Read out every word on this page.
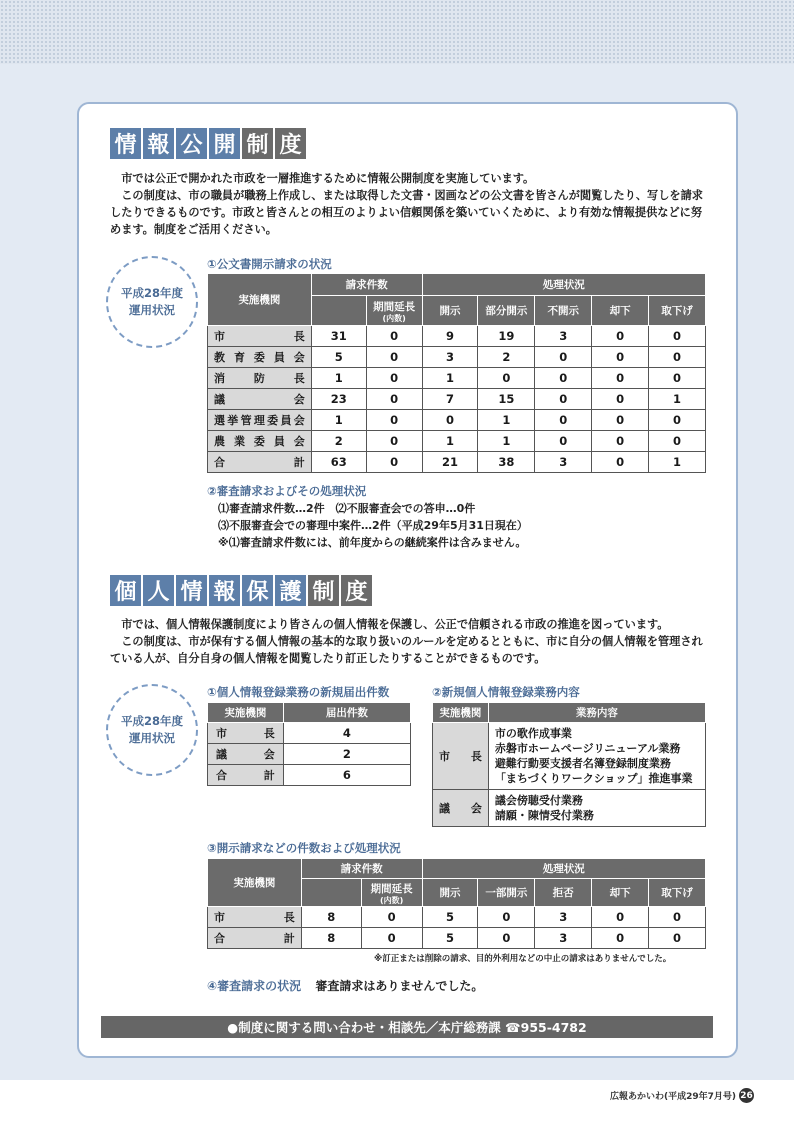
情 報 公 開 制 度

市では公正で開かれた市政を一層推進するために情報公開制度を実施しています。

この制度は、市の職員が職務上作成し、または取得した文書・図画などの公文書を皆さんが閲覧したり、写しを請求したりできるものです。市政と皆さんとの相互のよりよい信頼関係を築いていくために、より有効な情報提供などに努めます。制度をご活用ください。

平成28年度
運用状況
①公文書開示請求の状況
実施機関	請求件数		処理状況				
		期間延長
(内数)	開示	部分開示	不開示	却下	取下げ
市長	31	0	9	19	3	0	0
教育委員会	5	0	3	2	0	0	0
消防長	1	0	1	0	0	0	0
議会	23	0	7	15	0	0	1
選挙管理委員会	1	0	0	1	0	0	0
農業委員会	2	0	1	1	0	0	0
合計	63	0	21	38	3	0	1
②審査請求およびその処理状況
⑴審査請求件数…2件　⑵不服審査会での答申…0件
⑶不服審査会での審理中案件…2件（平成29年5月31日現在）
※⑴審査請求件数には、前年度からの継続案件は含みません。
個 人 情 報 保 護 制 度

市では、個人情報保護制度により皆さんの個人情報を保護し、公正で信頼される市政の推進を図っています。

この制度は、市が保有する個人情報の基本的な取り扱いのルールを定めるとともに、市に自分の個人情報を管理されている人が、自分自身の個人情報を閲覧したり訂正したりすることができるものです。

平成28年度
運用状況
①個人情報登録業務の新規届出件数
実施機関	届出件数
市長	4
議会	2
合計	6
②新規個人情報登録業務内容
実施機関	業務内容
市長	市の歌作成事業
赤磐市ホームページリニューアル業務
避難行動要支援者名簿登録制度業務
「まちづくりワークショップ」推進事業

議会	議会傍聴受付業務
請願・陳情受付業務
③開示請求などの件数および処理状況
実施機関	請求件数		処理状況				
		期間延長
(内数)	開示	一部開示	拒否	却下	取下げ
市長	8	0	5	0	3	0	0
合計	8	0	5	0	3	0	0
※訂正または削除の請求、目的外利用などの中止の請求はありませんでした。
④審査請求の状況 審査請求はありませんでした。
●制度に関する問い合わせ・相談先／本庁総務課 ☎955-4782
広報あかいわ(平成29年7月号) 26
